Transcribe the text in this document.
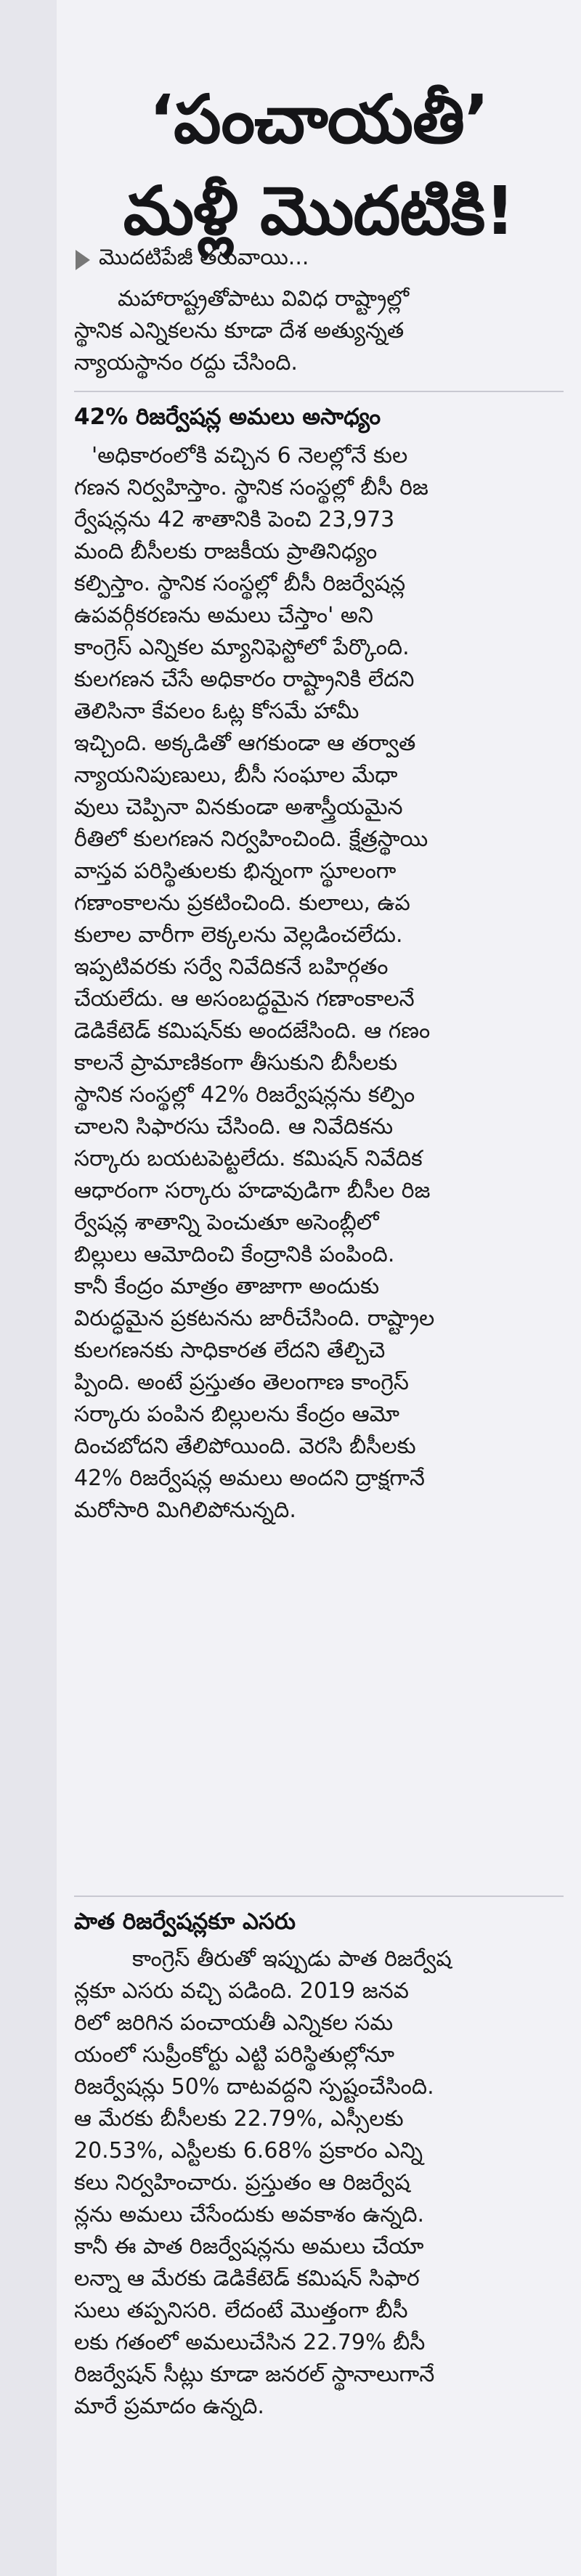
‘పంచాయతీ’
మళ్లీ మొదటికి!
మొదటిపేజీ తరువాయి...
మహారాష్ట్రతోపాటు వివిధ రాష్ట్రాల్లో
స్థానిక ఎన్నికలను కూడా దేశ అత్యున్నత
న్యాయస్థానం రద్దు చేసింది.
42% రిజర్వేషన్ల అమలు అసాధ్యం
'అధికారంలోకి వచ్చిన 6 నెలల్లోనే కుల
గణన నిర్వహిస్తాం. స్థానిక సంస్థల్లో బీసీ రిజ
ర్వేషన్లను 42 శాతానికి పెంచి 23,973
మంది బీసీలకు రాజకీయ ప్రాతినిధ్యం
కల్పిస్తాం. స్థానిక సంస్థల్లో బీసీ రిజర్వేషన్ల
ఉపవర్గీకరణను అమలు చేస్తాం' అని
కాంగ్రెస్ ఎన్నికల మ్యానిఫెస్టోలో పేర్కొంది.
కులగణన చేసే అధికారం రాష్ట్రానికి లేదని
తెలిసినా కేవలం ఓట్ల కోసమే హామీ
ఇచ్చింది. అక్కడితో ఆగకుండా ఆ తర్వాత
న్యాయనిపుణులు, బీసీ సంఘాల మేధా
వులు చెప్పినా వినకుండా అశాస్త్రీయమైన
రీతిలో కులగణన నిర్వహించింది. క్షేత్రస్థాయి
వాస్తవ పరిస్థితులకు భిన్నంగా స్థూలంగా
గణాంకాలను ప్రకటించింది. కులాలు, ఉప
కులాల వారీగా లెక్కలను వెల్లడించలేదు.
ఇప్పటివరకు సర్వే నివేదికనే బహిర్గతం
చేయలేదు. ఆ అసంబద్ధమైన గణాంకాలనే
డెడికేటెడ్ కమిషన్‌కు అందజేసింది. ఆ గణం
కాలనే ప్రామాణికంగా తీసుకుని బీసీలకు
స్థానిక సంస్థల్లో 42% రిజర్వేషన్లను కల్పిం
చాలని సిఫారసు చేసింది. ఆ నివేదికను
సర్కారు బయటపెట్టలేదు. కమిషన్ నివేదిక
ఆధారంగా సర్కారు హడావుడిగా బీసీల రిజ
ర్వేషన్ల శాతాన్ని పెంచుతూ అసెంబ్లీలో
బిల్లులు ఆమోదించి కేంద్రానికి పంపింది.
కానీ కేంద్రం మాత్రం తాజాగా అందుకు
విరుద్ధమైన ప్రకటనను జారీచేసింది. రాష్ట్రాల
కులగణనకు సాధికారత లేదని తేల్చిచె
ప్పింది. అంటే ప్రస్తుతం తెలంగాణ కాంగ్రెస్
సర్కారు పంపిన బిల్లులను కేంద్రం ఆమో
దించబోదని తేలిపోయింది. వెరసి బీసీలకు
42% రిజర్వేషన్ల అమలు అందని ద్రాక్షగానే
మరోసారి మిగిలిపోనున్నది.
పాత రిజర్వేషన్లకూ ఎసరు
కాంగ్రెస్ తీరుతో ఇప్పుడు పాత రిజర్వేష
న్లకూ ఎసరు వచ్చి పడింది. 2019 జనవ
రిలో జరిగిన పంచాయతీ ఎన్నికల సమ
యంలో సుప్రీంకోర్టు ఎట్టి పరిస్థితుల్లోనూ
రిజర్వేషన్లు 50% దాటవద్దని స్పష్టంచేసింది.
ఆ మేరకు బీసీలకు 22.79%, ఎస్సీలకు
20.53%, ఎస్టీలకు 6.68% ప్రకారం ఎన్ని
కలు నిర్వహించారు. ప్రస్తుతం ఆ రిజర్వేష
న్లను అమలు చేసేందుకు అవకాశం ఉన్నది.
కానీ ఈ పాత రిజర్వేషన్లను అమలు చేయా
లన్నా ఆ మేరకు డెడికేటెడ్ కమిషన్ సిఫార
సులు తప్పనిసరి. లేదంటే మొత్తంగా బీసీ
లకు గతంలో అమలుచేసిన 22.79% బీసీ
రిజర్వేషన్ సీట్లు కూడా జనరల్ స్థానాలుగానే
మారే ప్రమాదం ఉన్నది.
